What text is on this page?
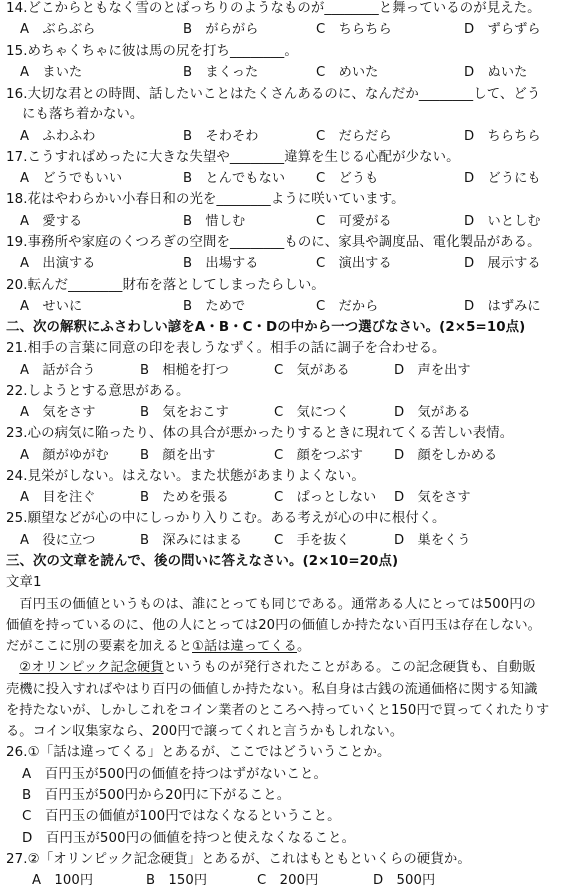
14.どこからともなく雪のとばっちりのようなものが________と舞っているのが見えた。
A　ぶらぶら	B　がらがら	C　ちらちら	D　ずらずら
15.めちゃくちゃに彼は馬の尻を打ち________。
A　まいた	B　まくった	C　めいた	D　ぬいた
16.大切な君との時間、話したいことはたくさんあるのに、なんだか________して、どう
にも落ち着かない。
A　ふわふわ	B　そわそわ	C　だらだら	D　ちらちら
17.こうすればめったに大きな失望や________違算を生じる心配が少ない。
A　どうでもいい	B　とんでもない C　どうも	D　どうにも
18.花はやわらかい小春日和の光を________ように咲いています。
A　愛する	B　惜しむ	C　可愛がる	D　いとしむ
19.事務所や家庭のくつろぎの空間を________ものに、家具や調度品、電化製品がある。
A　出演する	B　出場する	C　演出する	D　展示する
20.転んだ________財布を落としてしまったらしい。
A　せいに	B　ためで	C　だから	D　はずみに
二、次の解釈にふさわしい諺をA・B・C・Dの中から一つ選びなさい。(2×5=10点)
21.相手の言葉に同意の印を表しうなずく。相手の話に調子を合わせる。
A　話が合う	B　相槌を打つ	C　気がある	D　声を出す
22.しようとする意思がある。
A　気をさす	B　気をおこす	C　気につく	D　気がある
23.心の病気に陥ったり、体の具合が悪かったりするときに現れてくる苦しい表情。
A　顔がゆがむ B　顔を出す	C　顔をつぶす D　顔をしかめる
24.見栄がしない。はえない。また状態があまりよくない。
A　目を注ぐ	B　ためを張る	C　ぱっとしない D　気をさす
25.願望などが心の中にしっかり入りこむ。ある考えが心の中に根付く。
A　役に立つ	B　深みにはまる C　手を抜く	D　巣をくう
三、次の文章を読んで、後の問いに答えなさい。(2×10=20点)
文章1
　百円玉の価値というものは、誰にとっても同じである。通常ある人にとっては500円の
価値を持っているのに、他の人にとっては20円の価値しか持たない百円玉は存在しない。
だがここに別の要素を加えると①話は違ってくる。
　②オリンピック記念硬貨というものが発行されたことがある。この記念硬貨も、自動販
売機に投入すればやはり百円の価値しか持たない。私自身は古銭の流通価格に関する知識
を持たないが、しかしこれをコイン業者のところへ持っていくと150円で買ってくれたりす
る。コイン収集家なら、200円で譲ってくれと言うかもしれない。
26.①「話は違ってくる」とあるが、ここではどういうことか。
A　百円玉が500円の価値を持つはずがないこと。
B　百円玉が500円から20円に下がること。
C　百円玉の価値が100円ではなくなるということ。
D　百円玉が500円の価値を持つと使えなくなること。
27.②「オリンピック記念硬貨」とあるが、これはもともといくらの硬貨か。
A　100円	B　150円	C　200円	D　500円
